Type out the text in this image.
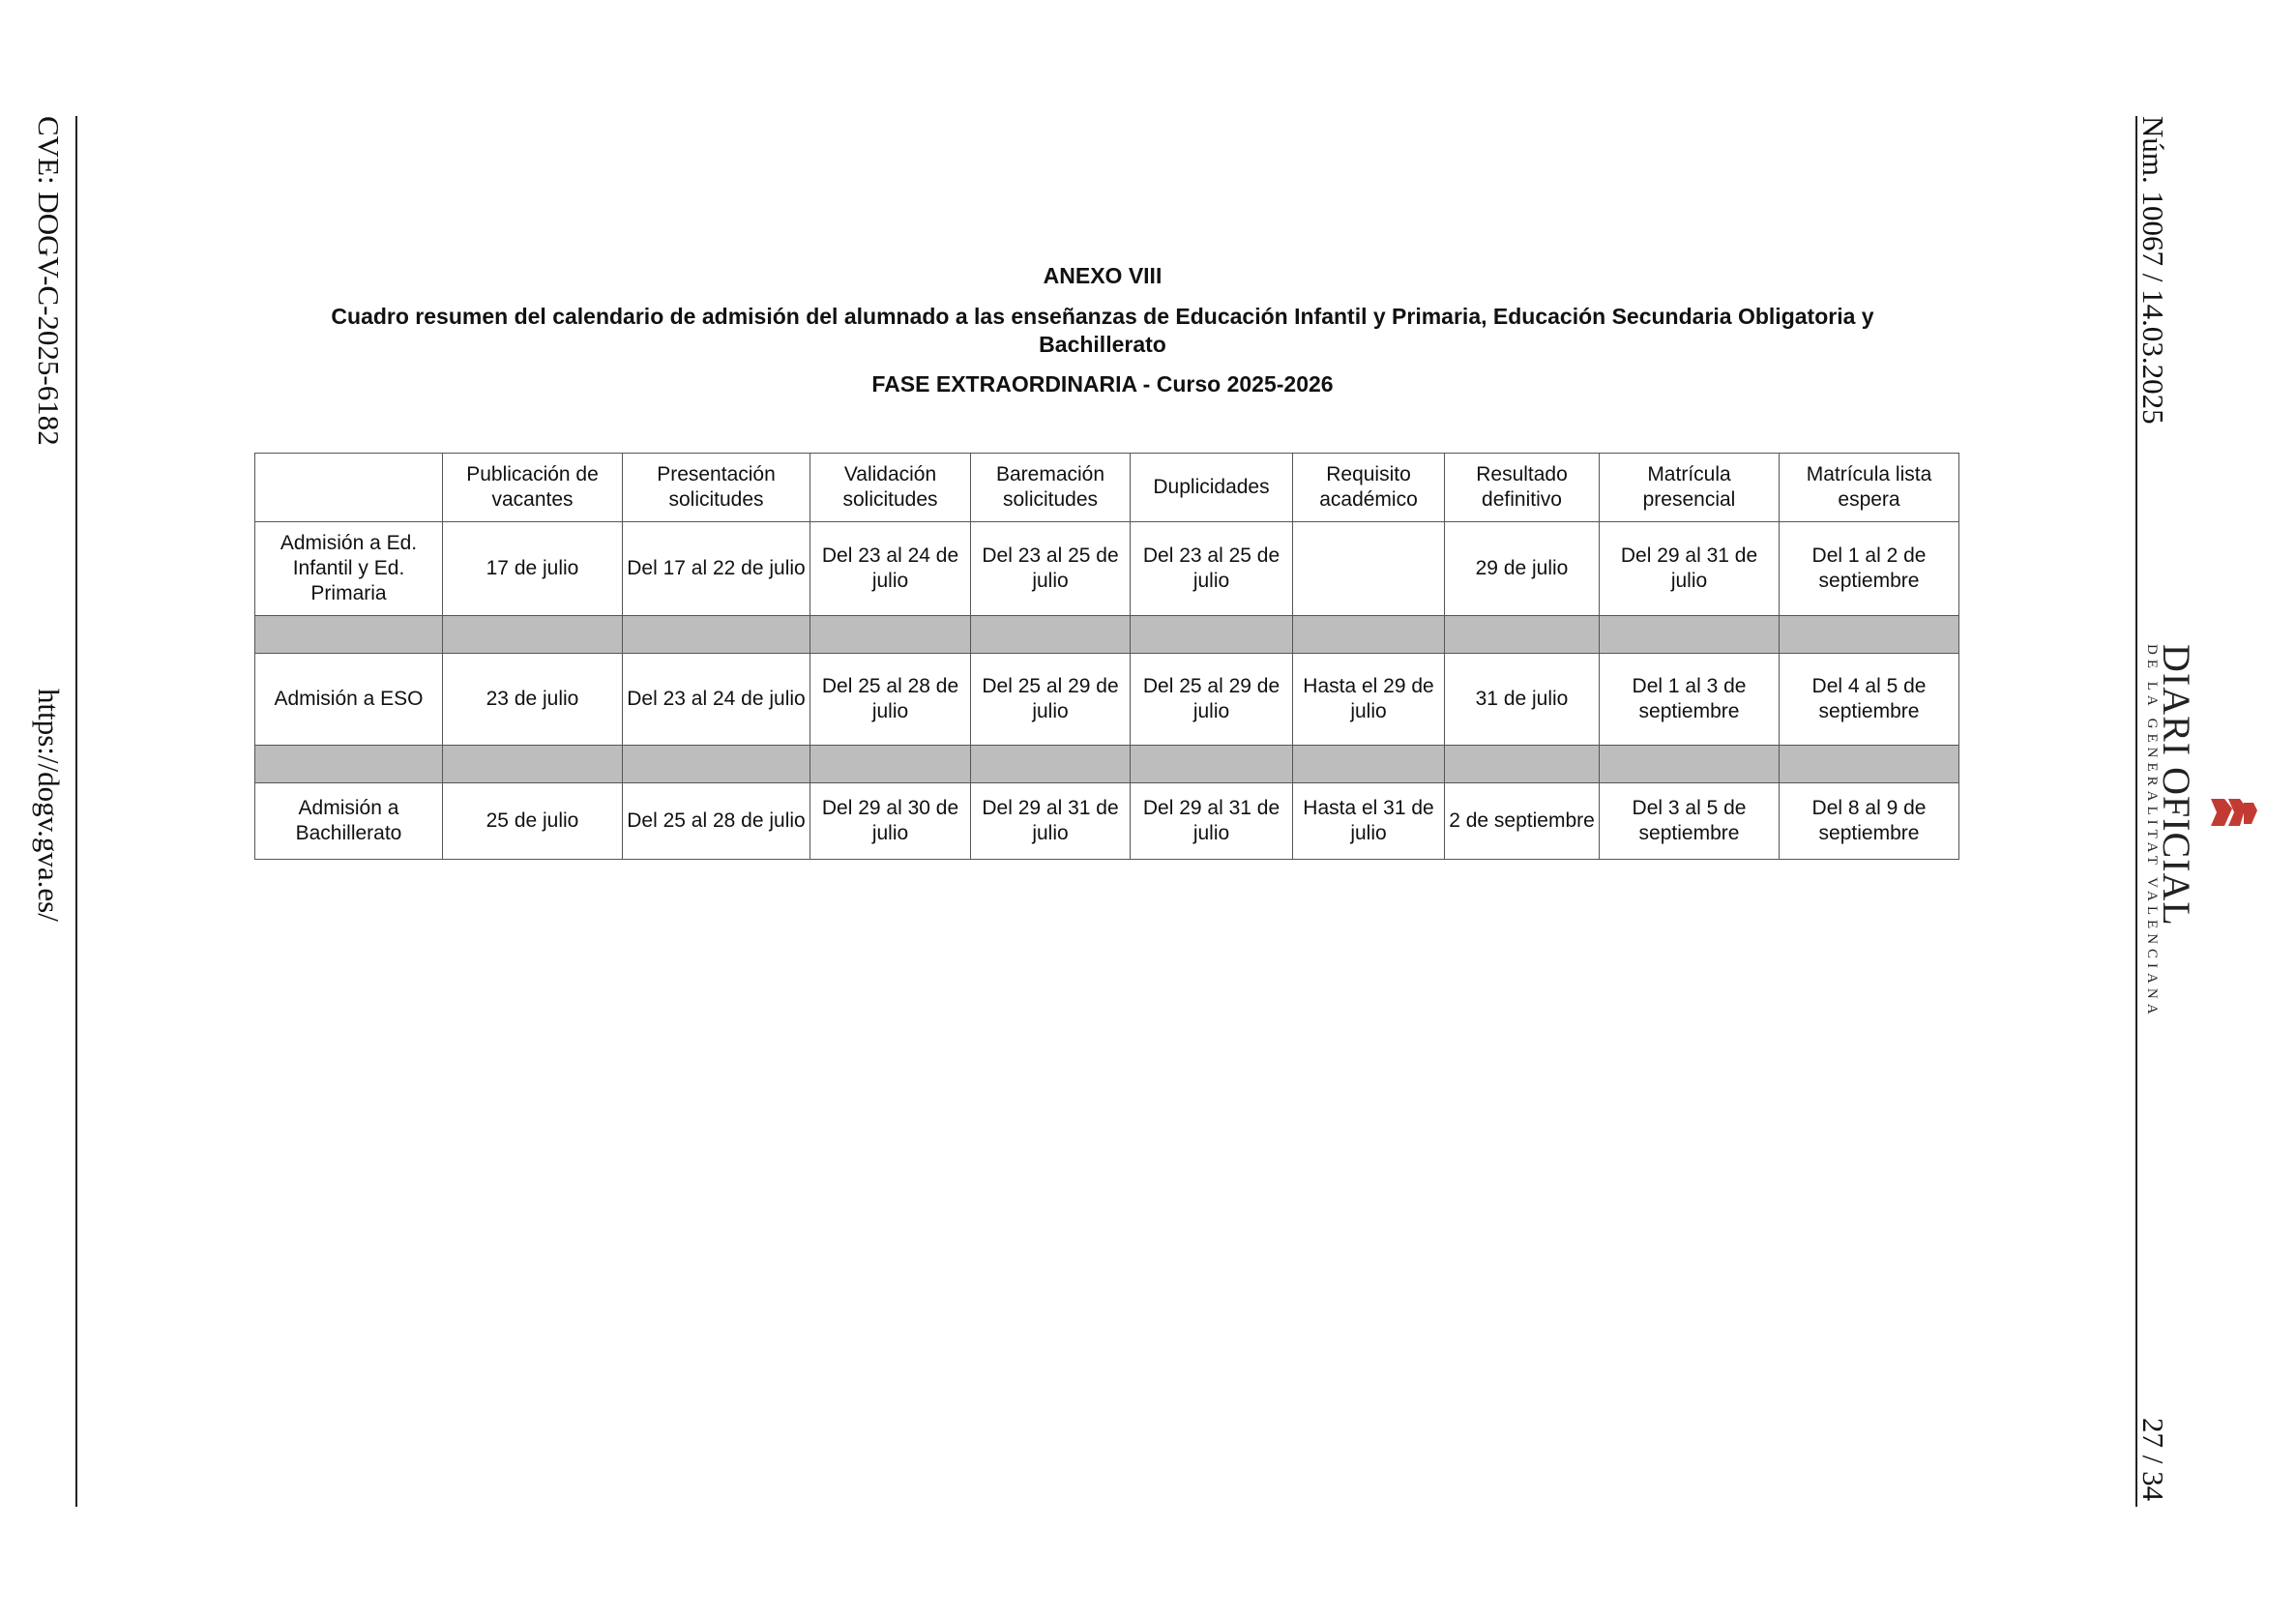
CVE: DOGV-C-2025-6182
https://dogv.gva.es/
Núm. 10067 / 14.03.2025
27 / 34
DIARI OFICIAL
DE LA GENERALITAT VALENCIANA
ANEXO VIII
Cuadro resumen del calendario de admisión del alumnado a las enseñanzas de Educación Infantil y Primaria, Educación Secundaria Obligatoria y Bachillerato
FASE EXTRAORDINARIA - Curso 2025-2026
	Publicación de vacantes	Presentación solicitudes	Validación solicitudes	Baremación solicitudes	Duplicidades	Requisito académico	Resultado definitivo	Matrícula presencial	Matrícula lista espera
Admisión a Ed. Infantil y Ed. Primaria	17 de julio	Del 17 al 22 de julio	Del 23 al 24 de julio	Del 23 al 25 de julio	Del 23 al 25 de julio		29 de julio	Del 29 al 31 de julio	Del 1 al 2 de septiembre

Admisión a ESO	23 de julio	Del 23 al 24 de julio	Del 25 al 28 de julio	Del 25 al 29 de julio	Del 25 al 29 de julio	Hasta el 29 de julio	31 de julio	Del 1 al 3 de septiembre	Del 4 al 5 de septiembre

Admisión a Bachillerato	25 de julio	Del 25 al 28 de julio	Del 29 al 30 de julio	Del 29 al 31 de julio	Del 29 al 31 de julio	Hasta el 31 de julio	2 de septiembre	Del 3 al 5 de septiembre	Del 8 al 9 de septiembre
